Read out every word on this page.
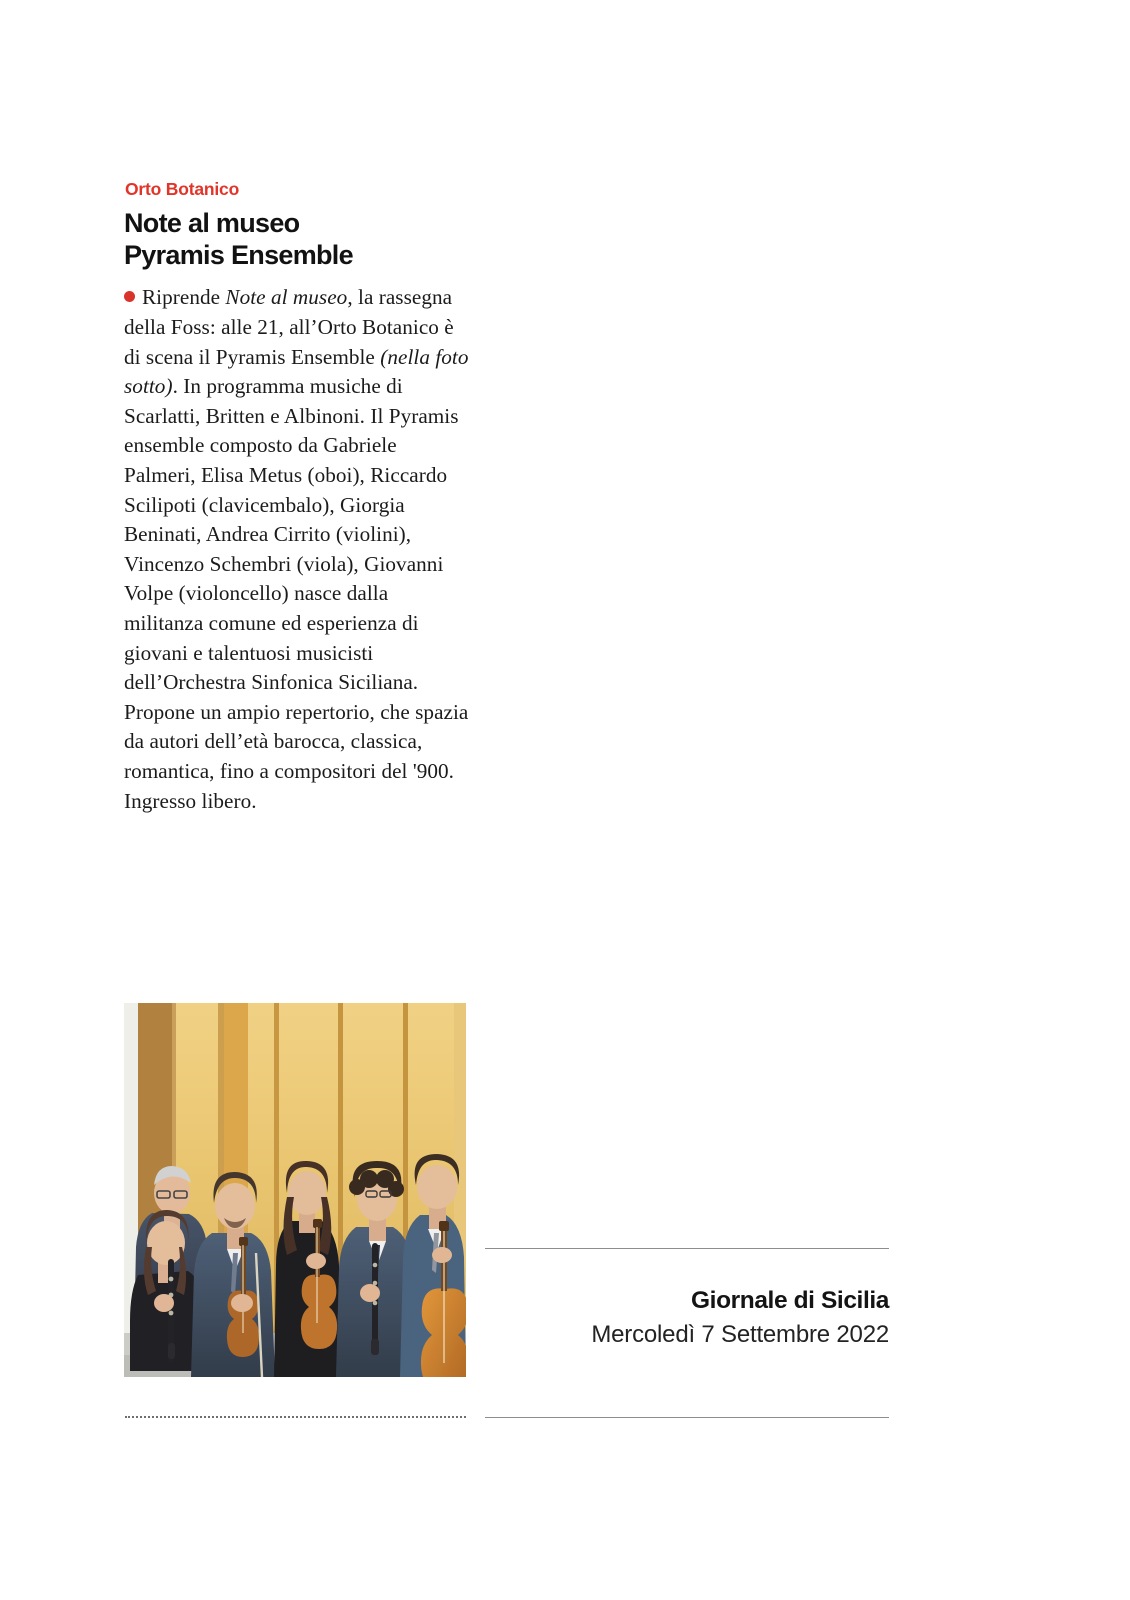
Orto Botanico
Note al museo
Pyramis Ensemble

Riprende Note al museo, la rassegna della Foss: alle 21, all’Orto Botanico è di scena il Pyramis Ensemble (nella foto sotto). In programma musiche di Scarlatti, Britten e Albinoni. Il Pyramis ensemble composto da Gabriele Palmeri, Elisa Metus (oboi), Riccardo Scilipoti (clavicembalo), Giorgia Beninati, Andrea Cirrito (violini), Vincenzo Schembri (viola), Giovanni Volpe (violoncello) nasce dalla militanza comune ed esperienza di giovani e talentuosi musicisti dell’Orchestra Sinfonica Siciliana. Propone un ampio repertorio, che spazia da autori dell’età barocca, classica, romantica, fino a compositori del '900. Ingresso libero.

Giornale di Sicilia
Mercoledì 7 Settembre 2022
